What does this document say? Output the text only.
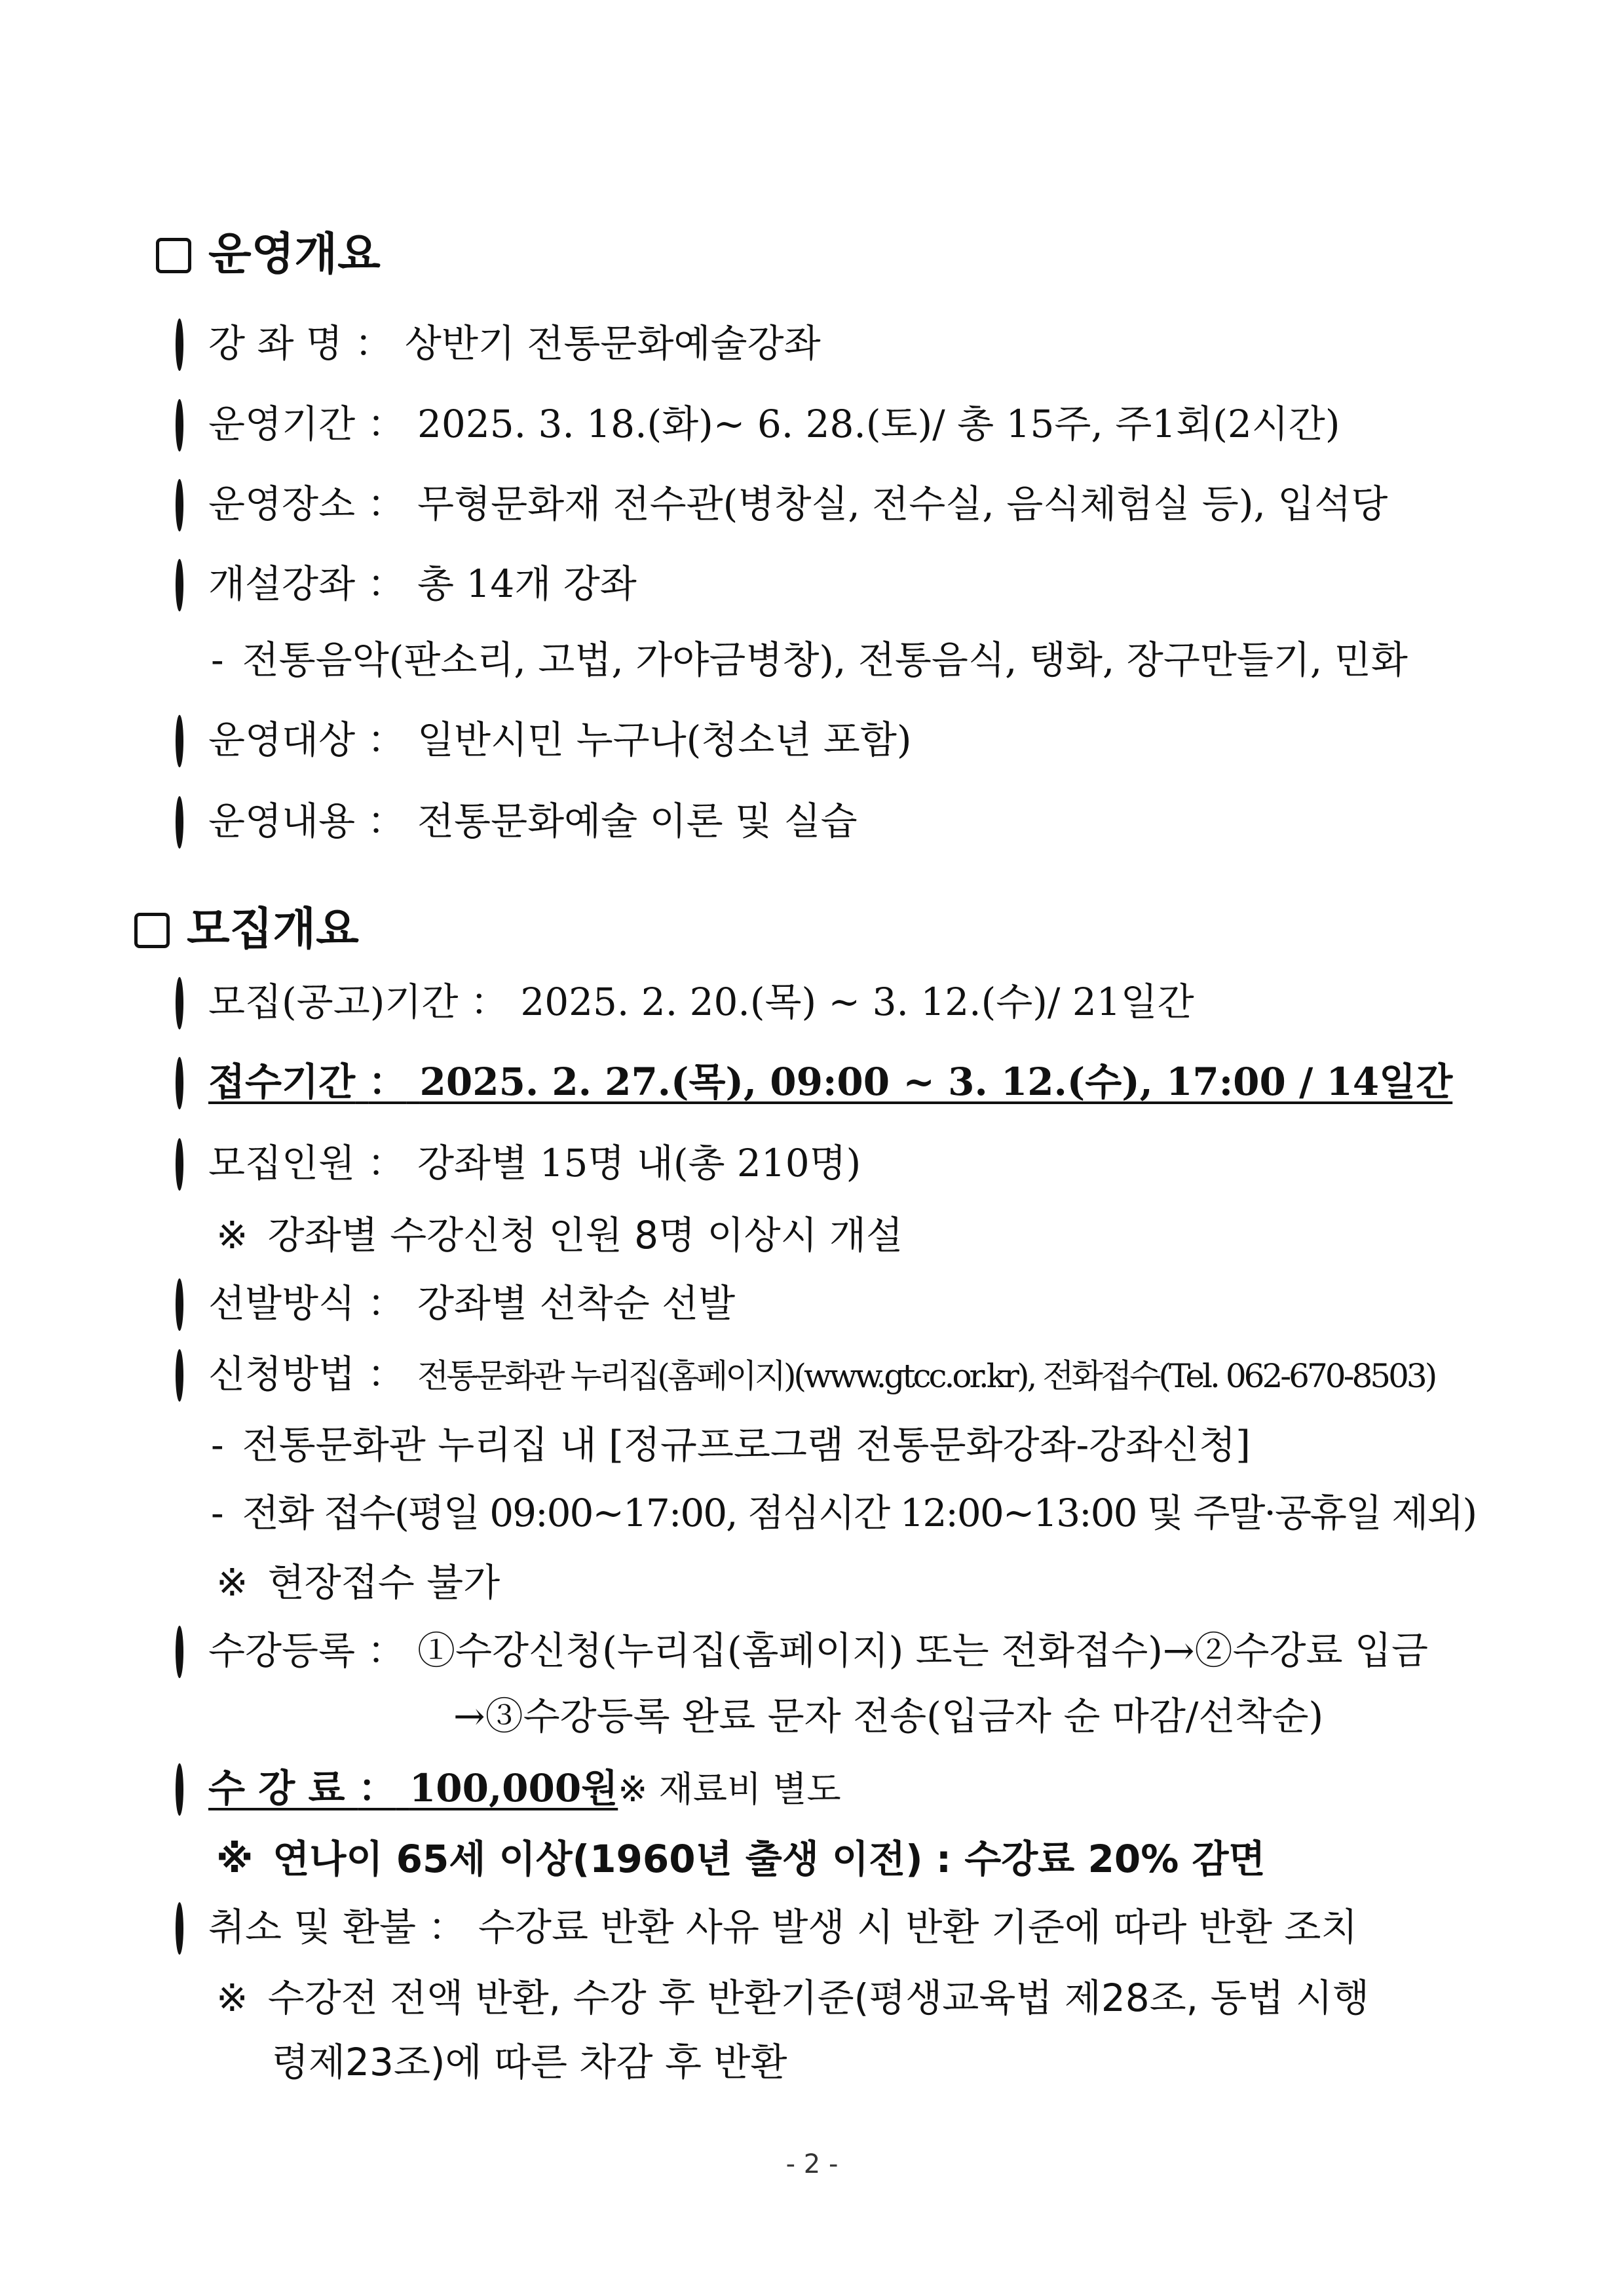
운영개요
강 좌 명 ： 상반기 전통문화예술강좌
운영기간 ： 2025. 3. 18.(화)~ 6. 28.(토)/ 총 15주, 주1회(2시간)
운영장소 ： 무형문화재 전수관(병창실, 전수실, 음식체험실 등), 입석당
개설강좌 ： 총 14개 강좌
- 전통음악(판소리, 고법, 가야금병창), 전통음식, 탱화, 장구만들기, 민화
운영대상 ： 일반시민 누구나(청소년 포함)
운영내용 ： 전통문화예술 이론 및 실습
모집개요
모집(공고)기간 ： 2025. 2. 20.(목) ~ 3. 12.(수)/ 21일간
접수기간 ： 2025. 2. 27.(목), 09:00 ~ 3. 12.(수), 17:00 / 14일간
모집인원 ： 강좌별 15명 내(총 210명)
※ 강좌별 수강신청 인원 8명 이상시 개설
선발방식 ： 강좌별 선착순 선발
신청방법 ： 전통문화관 누리집(홈페이지)(www.gtcc.or.kr), 전화접수(Tel. 062-670-8503)
- 전통문화관 누리집 내 [정규프로그램 전통문화강좌-강좌신청]
- 전화 접수(평일 09:00~17:00, 점심시간 12:00~13:00 및 주말·공휴일 제외)
※ 현장접수 불가
수강등록 ： ①수강신청(누리집(홈페이지) 또는 전화접수)→②수강료 입금
→③수강등록 완료 문자 전송(입금자 순 마감/선착순)
수 강 료 ： 100,000원※ 재료비 별도
※ 연나이 65세 이상(1960년 출생 이전) : 수강료 20% 감면
취소 및 환불 ： 수강료 반환 사유 발생 시 반환 기준에 따라 반환 조치
※ 수강전 전액 반환, 수강 후 반환기준(평생교육법 제28조, 동법 시행
령제23조)에 따른 차감 후 반환
- 2 -
